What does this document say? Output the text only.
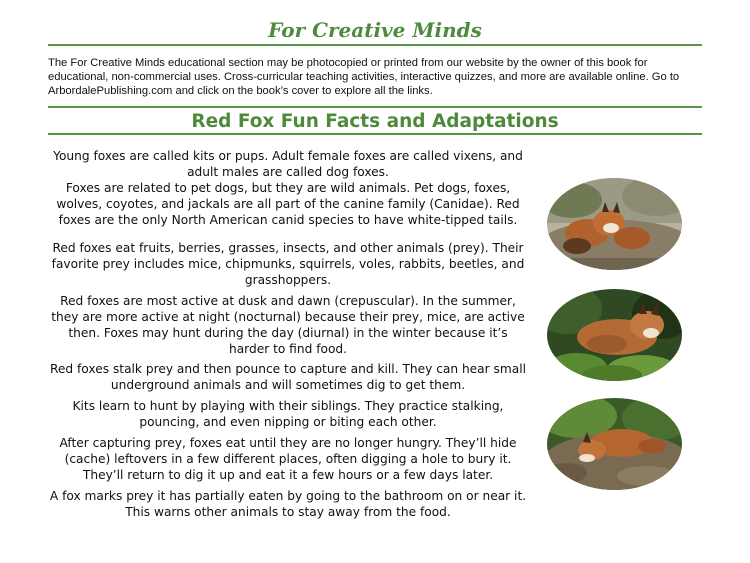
For Creative Minds
The For Creative Minds educational section may be photocopied or printed from our website by the owner of this book for educational, non-commercial uses. Cross-curricular teaching activities, interactive quizzes, and more are available online. Go to ArbordalePublishing.com and click on the book’s cover to explore all the links.
Red Fox Fun Facts and Adaptations
Young foxes are called kits or pups. Adult female foxes are called vixens, and adult males are called dog foxes.
Foxes are related to pet dogs, but they are wild animals. Pet dogs, foxes, wolves, coyotes, and jackals are all part of the canine family (Canidae). Red foxes are the only North American canid species to have white-tipped tails.
Red foxes eat fruits, berries, grasses, insects, and other animals (prey). Their favorite prey includes mice, chipmunks, squirrels, voles, rabbits, beetles, and grasshoppers.
Red foxes are most active at dusk and dawn (crepuscular). In the summer, they are more active at night (nocturnal) because their prey, mice, are active then. Foxes may hunt during the day (diurnal) in the winter because it’s harder to find food.
Red foxes stalk prey and then pounce to capture and kill. They can hear small underground animals and will sometimes dig to get them.
Kits learn to hunt by playing with their siblings. They practice stalking, pouncing, and even nipping or biting each other.
After capturing prey, foxes eat until they are no longer hungry. They’ll hide (cache) leftovers in a few different places, often digging a hole to bury it. They’ll return to dig it up and eat it a few hours or a few days later.
A fox marks prey it has partially eaten by going to the bathroom on or near it. This warns other animals to stay away from the food.
